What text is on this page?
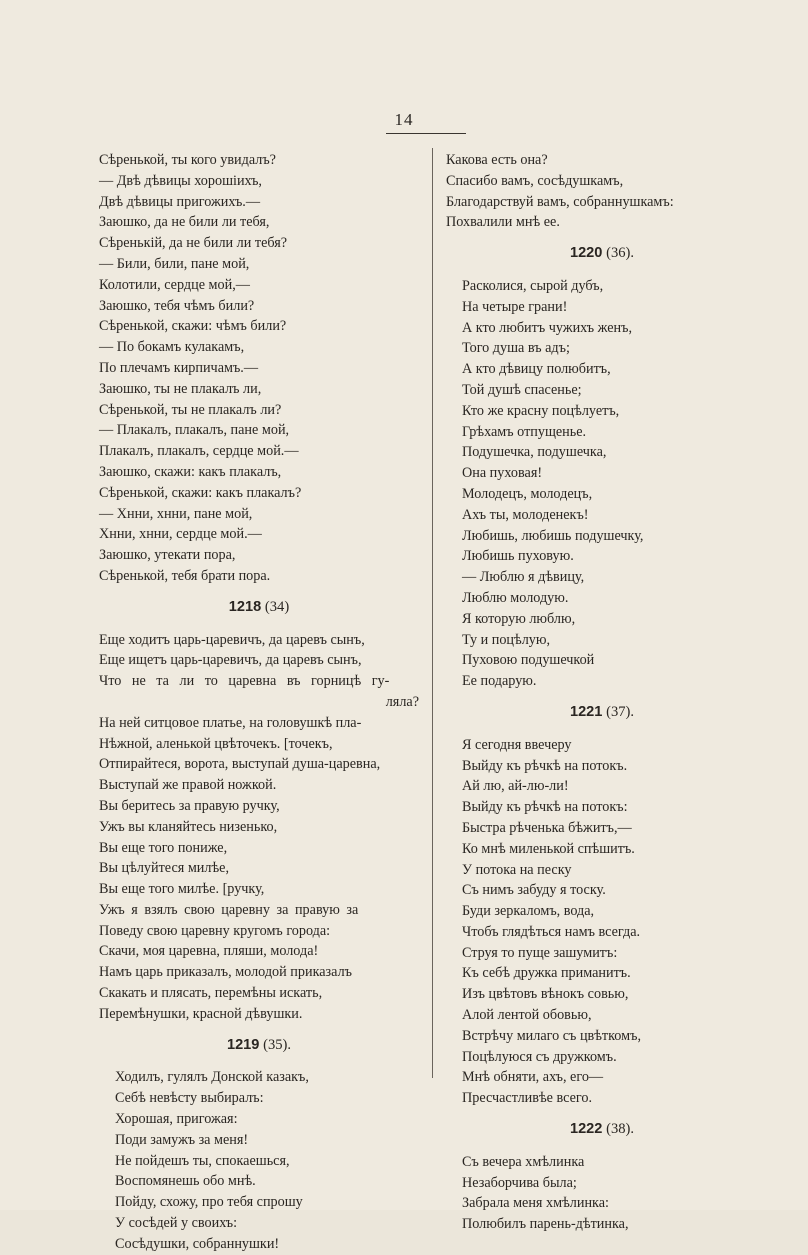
14
Сѣренькой, ты кого увидалъ?
— Двѣ дѣвицы хорошiихъ,
Двѣ дѣвицы пригожихъ.—
Заюшко, да не били ли тебя,
Сѣренькiй, да не били ли тебя?
— Били, били, пане мой,
Колотили, сердце мой,—
Заюшко, тебя чѣмъ били?
Сѣренькой, скажи: чѣмъ били?
— По бокамъ кулакамъ,
По плечамъ кирпичамъ.—
Заюшко, ты не плакалъ ли,
Сѣренькой, ты не плакалъ ли?
— Плакалъ, плакалъ, пане мой,
Плакалъ, плакалъ, сердце мой.—
Заюшко, скажи: какъ плакалъ,
Сѣренькой, скажи: какъ плакалъ?
— Хнни, хнни, пане мой,
Хнни, хнни, сердце мой.—
Заюшко, утекати пора,
Сѣренькой, тебя брати пора.
1218 (34)
Еще ходитъ царь-царевичъ, да царевъ сынъ,
Еще ищетъ царь-царевичъ, да царевъ сынъ,
Что не та ли то царевна въ горницѣ гу-
ляла?
На ней ситцовое платье, на головушкѣ пла-
Нѣжной, аленькой цвѣточекъ. [точекъ,
Отпирайтеся, ворота, выступай душа-царевна,
Выступай же правой ножкой.
Вы беритесь за правую ручку,
Ужъ вы кланяйтесь низенько,
Вы еще того пониже,
Вы цѣлуйтеся милѣе,
Вы еще того милѣе. [ручку,
Ужъ я взялъ свою царевну за правую за
Поведу свою царевну кругомъ города:
Скачи, моя царевна, пляши, молода!
Намъ царь приказалъ, молодой приказалъ
Скакать и плясать, перемѣны искать,
Перемѣнушки, красной дѣвушки.
1219 (35).
Ходилъ, гулялъ Донской казакъ,
Себѣ невѣсту выбиралъ:
Хорошая, пригожая:
Поди замужъ за меня!
Не пойдешъ ты, спокаешься,
Воспомянешь обо мнѣ.
Пойду, схожу, про тебя спрошу
У сосѣдей у своихъ:
Сосѣдушки, собраннушки!
Какова есть она?
Спасибо вамъ, сосѣдушкамъ,
Благодарствуй вамъ, собраннушкамъ:
Похвалили мнѣ ее.
1220 (36).
Расколися, сырой дубъ,
На четыре грани!
А кто любитъ чужихъ женъ,
Того душа въ адъ;
А кто дѣвицу полюбитъ,
Той душѣ спасенье;
Кто же красну поцѣлуетъ,
Грѣхамъ отпущенье.
Подушечка, подушечка,
Она пуховая!
Молодецъ, молодецъ,
Ахъ ты, молоденекъ!
Любишь, любишь подушечку,
Любишь пуховую.
— Люблю я дѣвицу,
Люблю молодую.
Я которую люблю,
Ту и поцѣлую,
Пуховою подушечкой
Ее подарую.
1221 (37).
Я сегодня ввечеру
Выйду къ рѣчкѣ на потокъ.
Ай лю, ай-лю-ли!
Выйду къ рѣчкѣ на потокъ:
Быстра рѣченька бѣжитъ,—
Ко мнѣ миленькой спѣшитъ.
У потока на песку
Съ нимъ забуду я тоску.
Буди зеркаломъ, вода,
Чтобъ глядѣться намъ всегда.
Струя то пуще зашумитъ:
Къ себѣ дружка приманитъ.
Изъ цвѣтовъ вѣнокъ совью,
Алой лентой обовью,
Встрѣчу милаго съ цвѣткомъ,
Поцѣлуюся съ дружкомъ.
Мнѣ обняти, ахъ, его—
Пресчастливѣе всего.
1222 (38).
Съ вечера хмѣлинка
Незаборчива была;
Забрала меня хмѣлинка:
Полюбилъ парень-дѣтинка,
